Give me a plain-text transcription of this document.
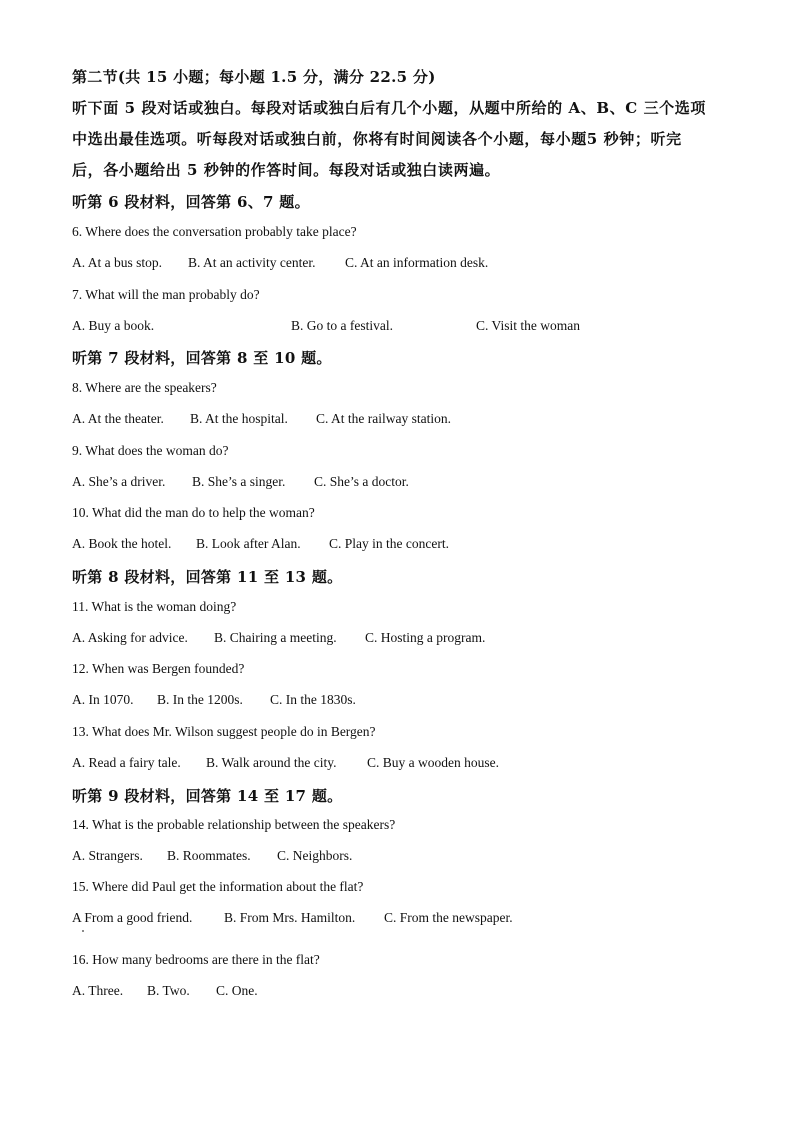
第二节(共 15 小题；每小题 1.5 分，满分 22.5 分)
听下面 5 段对话或独白。每段对话或独白后有几个小题，从题中所给的 A、B、C 三个选项
中选出最佳选项。听每段对话或独白前，你将有时间阅读各个小题，每小题5 秒钟；听完
后，各小题给出 5 秒钟的作答时间。每段对话或独白读两遍。
听第 6 段材料，回答第 6、7 题。
6. Where does the conversation probably take place?
A. At a bus stop. B. At an activity center. C. At an information desk.
7. What will the man probably do?
A. Buy a book.	B. Go to a festival.	C. Visit the woman
听第 7 段材料，回答第 8 至 10 题。
8. Where are the speakers?
A. At the theater. B. At the hospital. C. At the railway station.
9. What does the woman do?
A. She’s a driver. B. She’s a singer. C. She’s a doctor.
10. What did the man do to help the woman?
A. Book the hotel. B. Look after Alan. C. Play in the concert.
听第 8 段材料，回答第 11 至 13 题。
11. What is the woman doing?
A. Asking for advice. B. Chairing a meeting. C. Hosting a program.
12. When was Bergen founded?
A. In 1070. B. In the 1200s. C. In the 1830s.
13. What does Mr. Wilson suggest people do in Bergen?
A. Read a fairy tale. B. Walk around the city. C. Buy a wooden house.
听第 9 段材料，回答第 14 至 17 题。
14. What is the probable relationship between the speakers?
A. Strangers. B. Roommates. C. Neighbors.
15. Where did Paul get the information about the flat?
A From a good friend. B. From Mrs. Hamilton. C. From the newspaper.
16. How many bedrooms are there in the flat?
A. Three. B. Two. C. One.
